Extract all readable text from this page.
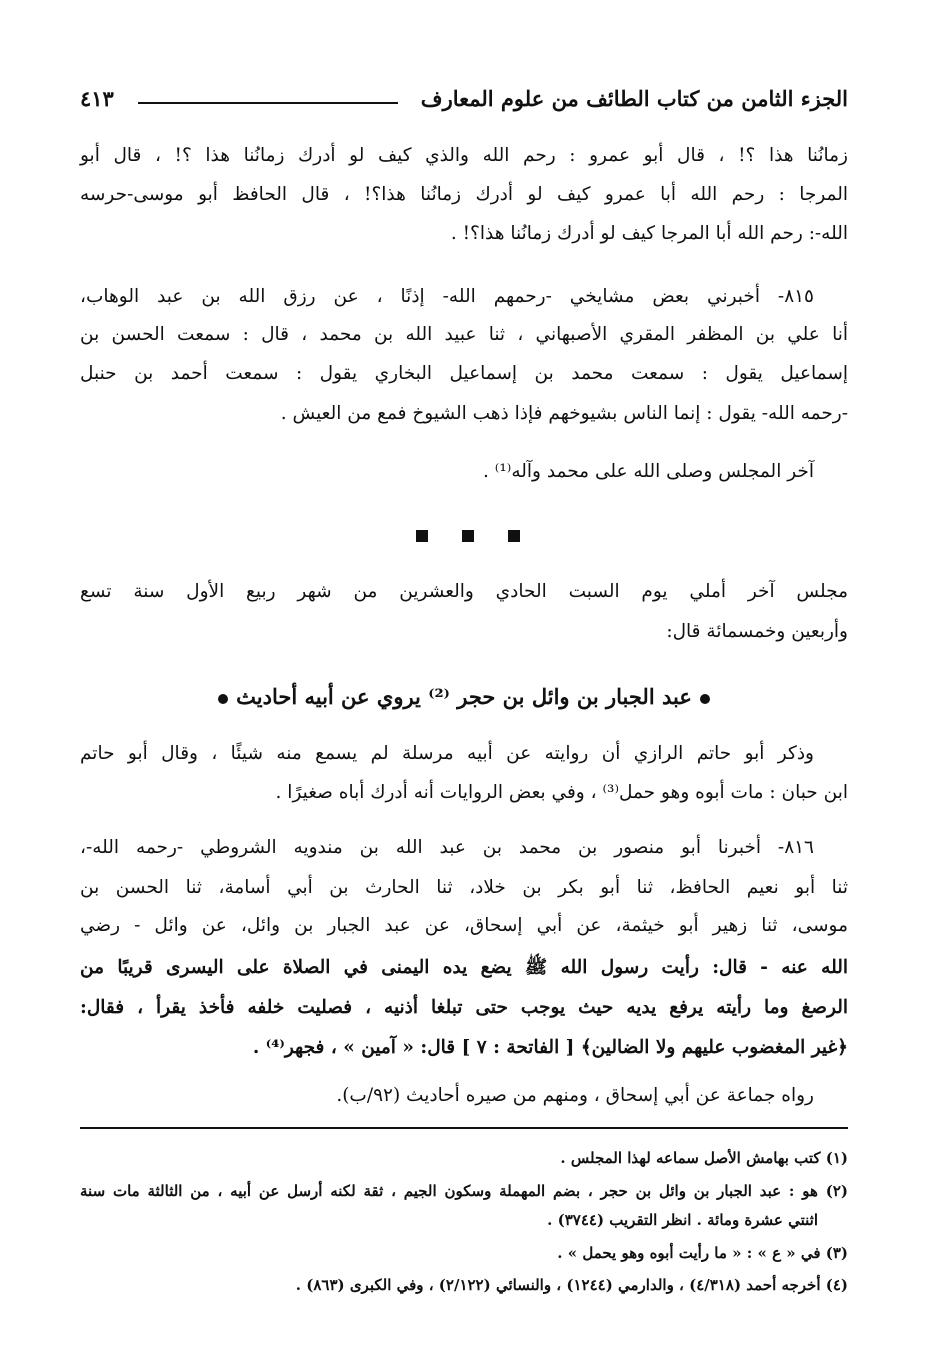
الجزء الثامن من كتاب الطائف من علوم المعارف
٤١٣
زمانُنا هذا ؟! ، قال أبو عمرو : رحم الله والذي كيف لو أدرك زمانُنا هذا ؟! ، قال أبو
المرجا : رحم الله أبا عمرو كيف لو أدرك زمانُنا هذا؟! ، قال الحافظ أبو موسى-حرسه
الله-: رحم الله أبا المرجا كيف لو أدرك زمانُنا هذا؟! .
٨١٥- أخبرني بعض مشايخي -رحمهم الله- إذنًا ، عن رزق الله بن عبد الوهاب،
أنا علي بن المظفر المقري الأصبهاني ، ثنا عبيد الله بن محمد ، قال : سمعت الحسن بن
إسماعيل يقول : سمعت محمد بن إسماعيل البخاري يقول : سمعت أحمد بن حنبل
-رحمه الله- يقول : إنما الناس بشيوخهم فإذا ذهب الشيوخ فمع من العيش .
آخر المجلس وصلى الله على محمد وآله⁽¹⁾ .
مجلس آخر أملي يوم السبت الحادي والعشرين من شهر ربيع الأول سنة تسع
وأربعين وخمسمائة قال:
عبد الجبار بن وائل بن حجر ⁽²⁾ يروي عن أبيه أحاديث
وذكر أبو حاتم الرازي أن روايته عن أبيه مرسلة لم يسمع منه شيئًا ، وقال أبو حاتم
ابن حبان : مات أبوه وهو حمل⁽³⁾ ، وفي بعض الروايات أنه أدرك أباه صغيرًا .
٨١٦- أخبرنا أبو منصور بن محمد بن عبد الله بن مندويه الشروطي -رحمه الله-،
ثنا أبو نعيم الحافظ، ثنا أبو بكر بن خلاد، ثنا الحارث بن أبي أسامة، ثنا الحسن بن
موسى، ثنا زهير أبو خيثمة، عن أبي إسحاق، عن عبد الجبار بن وائل، عن وائل - رضي
الله عنه - قال: رأيت رسول الله ﷺ يضع يده اليمنى في الصلاة على اليسرى قريبًا من
الرصغ وما رأيته يرفع يديه حيث يوجب حتى تبلغا أذنيه ، فصليت خلفه فأخذ يقرأ ، فقال:
﴿غير المغضوب عليهم ولا الضالين﴾ [ الفاتحة : ٧ ] قال: « آمين » ، فجهر⁽⁴⁾ .
رواه جماعة عن أبي إسحاق ، ومنهم من صيره أحاديث (٩٢/ب).
(١) كتب بهامش الأصل سماعه لهذا المجلس .
(٢) هو : عبد الجبار بن وائل بن حجر ، بضم المهملة وسكون الجيم ، ثقة لكنه أرسل عن أبيه ، من الثالثة مات سنة
اثنتي عشرة ومائة . انظر التقريب (٣٧٤٤) .
(٣) في « ع » : « ما رأيت أبوه وهو يحمل » .
(٤) أخرجه أحمد (٤/٣١٨) ، والدارمي (١٢٤٤) ، والنسائي (٢/١٢٢) ، وفي الكبرى (٨٦٣) .
